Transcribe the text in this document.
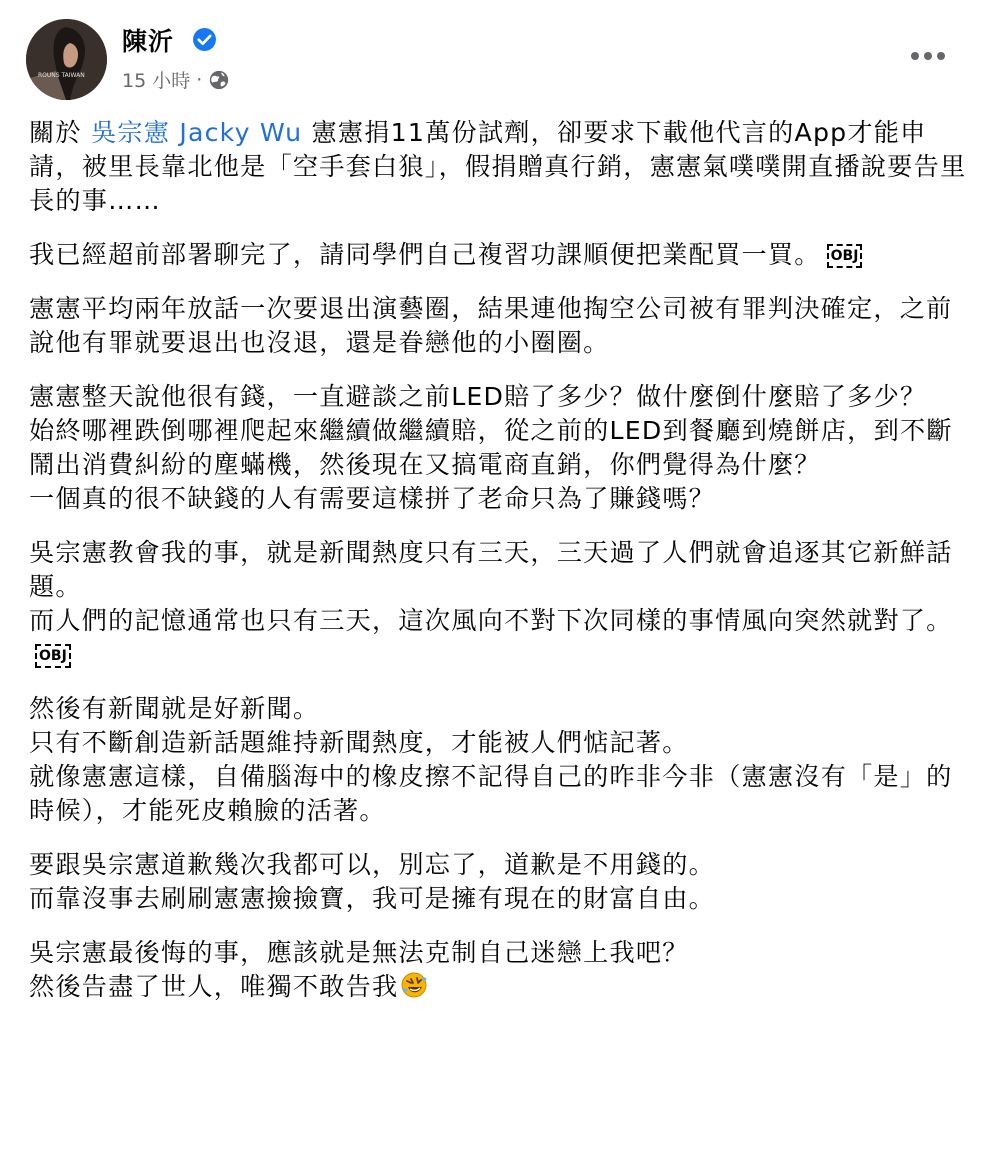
ROUNS TAIWAN
陳沂
15 小時 ·

關於 吳宗憲 Jacky Wu 憲憲捐11萬份試劑，卻要求下載他代言的App才能申請，被里長靠北他是「空手套白狼」，假捐贈真行銷，憲憲氣噗噗開直播說要告里長的事……

我已經超前部署聊完了，請同學們自己複習功課順便把業配買一買。 OBJ

憲憲平均兩年放話一次要退出演藝圈，結果連他掏空公司被有罪判決確定，之前說他有罪就要退出也沒退，還是眷戀他的小圈圈。

憲憲整天說他很有錢，一直避談之前LED賠了多少？做什麼倒什麼賠了多少？
始終哪裡跌倒哪裡爬起來繼續做繼續賠，從之前的LED到餐廳到燒餅店，到不斷鬧出消費糾紛的塵蟎機，然後現在又搞電商直銷，你們覺得為什麼？
一個真的很不缺錢的人有需要這樣拼了老命只為了賺錢嗎？

吳宗憲教會我的事，就是新聞熱度只有三天，三天過了人們就會追逐其它新鮮話題。
而人們的記憶通常也只有三天，這次風向不對下次同樣的事情風向突然就對了。OBJ

然後有新聞就是好新聞。
只有不斷創造新話題維持新聞熱度，才能被人們惦記著。
就像憲憲這樣，自備腦海中的橡皮擦不記得自己的昨非今非（憲憲沒有「是」的時候），才能死皮賴臉的活著。

要跟吳宗憲道歉幾次我都可以，別忘了，道歉是不用錢的。
而靠沒事去刷刷憲憲撿撿寶，我可是擁有現在的財富自由。

吳宗憲最後悔的事，應該就是無法克制自己迷戀上我吧？
然後告盡了世人，唯獨不敢告我
